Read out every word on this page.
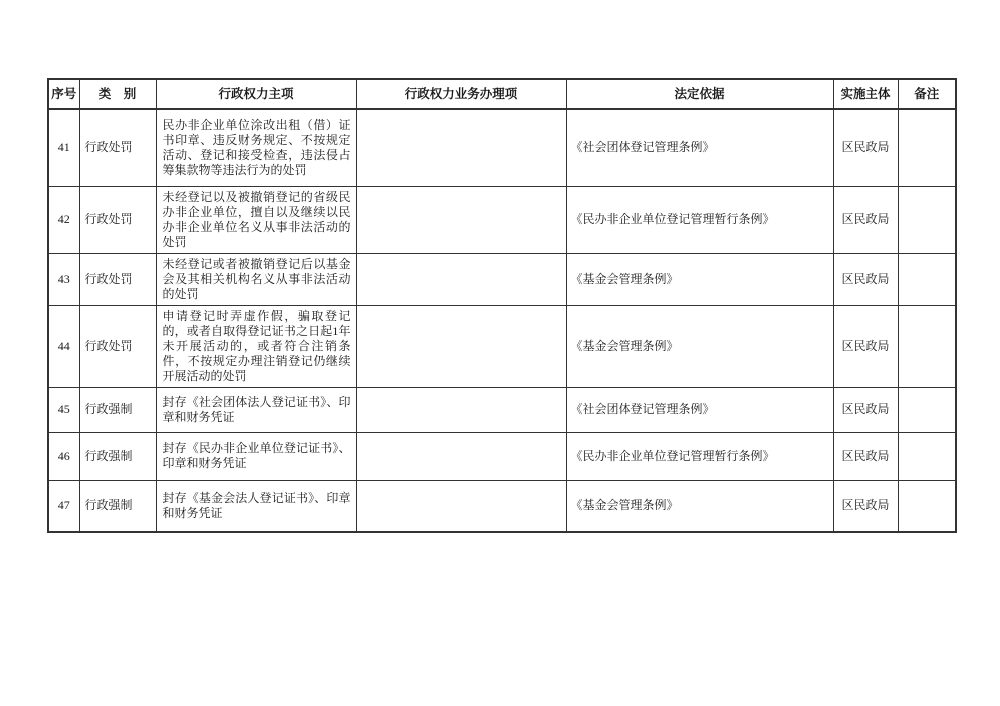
序号	类　别	行政权力主项	行政权力业务办理项	法定依据	实施主体	备注
41	行政处罚	民办非企业单位涂改出租（借）证书印章、违反财务规定、不按规定活动、登记和接受检查，违法侵占筹集款物等违法行为的处罚		《社会团体登记管理条例》	区民政局	
42	行政处罚	未经登记以及被撤销登记的省级民办非企业单位，擅自以及继续以民办非企业单位名义从事非法活动的处罚		《民办非企业单位登记管理暂行条例》	区民政局	
43	行政处罚	未经登记或者被撤销登记后以基金会及其相关机构名义从事非法活动的处罚		《基金会管理条例》	区民政局	
44	行政处罚	申请登记时弄虚作假，骗取登记的，或者自取得登记证书之日起1年未开展活动的，或者符合注销条件，不按规定办理注销登记仍继续开展活动的处罚		《基金会管理条例》	区民政局	
45	行政强制	封存《社会团体法人登记证书》、印章和财务凭证		《社会团体登记管理条例》	区民政局	
46	行政强制	封存《民办非企业单位登记证书》、印章和财务凭证		《民办非企业单位登记管理暂行条例》	区民政局	
47	行政强制	封存《基金会法人登记证书》、印章和财务凭证		《基金会管理条例》	区民政局	
